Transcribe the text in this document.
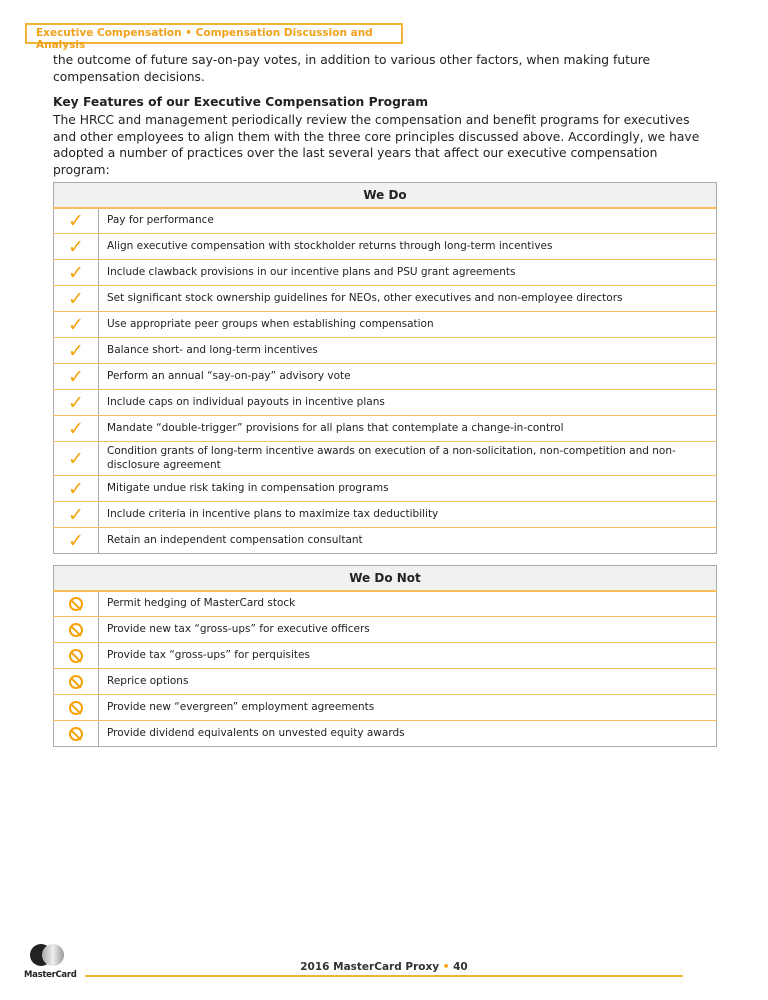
Executive Compensation • Compensation Discussion and Analysis
the outcome of future say-on-pay votes, in addition to various other factors, when making future compensation decisions.
Key Features of our Executive Compensation Program
The HRCC and management periodically review the compensation and benefit programs for executives and other employees to align them with the three core principles discussed above. Accordingly, we have adopted a number of practices over the last several years that affect our executive compensation program:
We Do	
✓	Pay for performance
✓	Align executive compensation with stockholder returns through long-term incentives
✓	Include clawback provisions in our incentive plans and PSU grant agreements
✓	Set significant stock ownership guidelines for NEOs, other executives and non-employee directors
✓	Use appropriate peer groups when establishing compensation
✓	Balance short- and long-term incentives
✓	Perform an annual “say-on-pay” advisory vote
✓	Include caps on individual payouts in incentive plans
✓	Mandate “double-trigger” provisions for all plans that contemplate a change-in-control
✓	Condition grants of long-term incentive awards on execution of a non-solicitation, non-competition and non-disclosure agreement
✓	Mitigate undue risk taking in compensation programs
✓	Include criteria in incentive plans to maximize tax deductibility
✓	Retain an independent compensation consultant
We Do Not	
	Permit hedging of MasterCard stock
	Provide new tax “gross-ups” for executive officers
	Provide tax “gross-ups” for perquisites
	Reprice options
	Provide new “evergreen” employment agreements
	Provide dividend equivalents on unvested equity awards
MasterCard
2016 MasterCard Proxy • 40
